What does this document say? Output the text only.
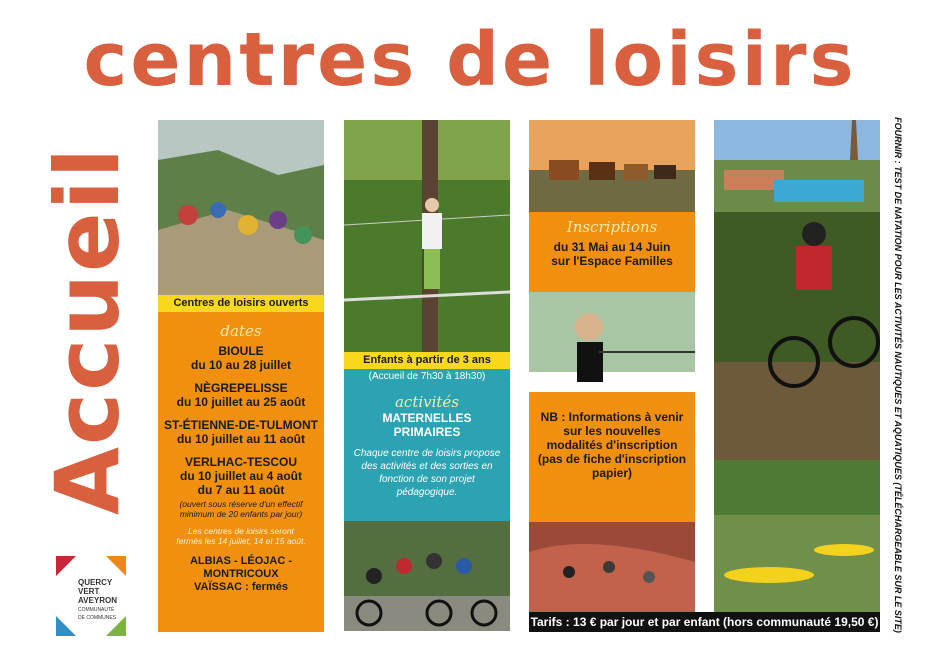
centres de loisirs
Accueil
QUERCY
VERT
AVEYRON
COMMUNAUTÉ
DE COMMUNES
Centres de loisirs ouverts
dates
BIOULE
du 10 au 28 juillet
NÈGREPELISSE
du 10 juillet au 25 août
ST-ÉTIENNE-DE-TULMONT
du 10 juillet au 11 août
VERLHAC-TESCOU
du 10 juillet au 4 août
du 7 au 11 août
(ouvert sous réserve d'un effectif minimum de 20 enfants par jour)
Les centres de loisirs seront fermés les 14 juillet, 14 et 15 août.
ALBIAS - LÉOJAC - MONTRICOUX
VAÏSSAC : fermés
Enfants à partir de 3 ans
(Accueil de 7h30 à 18h30)
activités
MATERNELLES
PRIMAIRES
Chaque centre de loisirs propose des activités et des sorties en fonction de son projet pédagogique.
Inscriptions
du 31 Mai au 14 Juin
sur l'Espace Familles
NB : Informations à venir sur les nouvelles modalités d'inscription (pas de fiche d'inscription papier)
Tarifs : 13 € par jour et par enfant (hors communauté 19,50 €) FOURNIR : TEST DE NATATION POUR LES ACTIVITÉS NAUTIQUES ET AQUATIQUES (TÉLÉCHARGEABLE SUR LE SITE)
